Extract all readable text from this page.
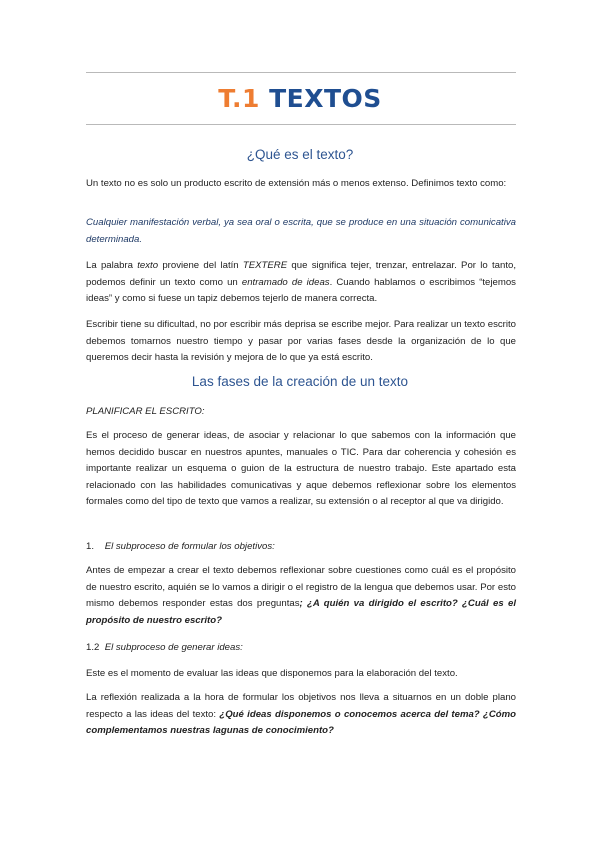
T.1 TEXTOS
¿Qué es el texto?
Un texto no es solo un producto escrito de extensión más o menos extenso. Definimos texto como:
Cualquier manifestación verbal, ya sea oral o escrita, que se produce en una situación comunicativa determinada.
La palabra texto proviene del latín TEXTERE que significa tejer, trenzar, entrelazar. Por lo tanto, podemos definir un texto como un entramado de ideas. Cuando hablamos o escribimos “tejemos ideas” y como si fuese un tapiz debemos tejerlo de manera correcta.
Escribir tiene su dificultad, no por escribir más deprisa se escribe mejor. Para realizar un texto escrito debemos tomarnos nuestro tiempo y pasar por varias fases desde la organización de lo que queremos decir hasta la revisión y mejora de lo que ya está escrito.
Las fases de la creación de un texto
PLANIFICAR EL ESCRITO:
Es el proceso de generar ideas, de asociar y relacionar lo que sabemos con la información que hemos decidido buscar en nuestros apuntes, manuales o TIC. Para dar coherencia y cohesión es importante realizar un esquema o guion de la estructura de nuestro trabajo. Este apartado esta relacionado con las habilidades comunicativas y aque debemos reflexionar sobre los elementos formales como del tipo de texto que vamos a realizar, su extensión o al receptor al que va dirigido.
1. El subproceso de formular los objetivos:
Antes de empezar a crear el texto debemos reflexionar sobre cuestiones como cuál es el propósito de nuestro escrito, aquién se lo vamos a dirigir o el registro de la lengua que debemos usar. Por esto mismo debemos responder estas dos preguntas; ¿A quién va dirigido el escrito? ¿Cuál es el propósito de nuestro escrito?
1.2 El subproceso de generar ideas:
Este es el momento de evaluar las ideas que disponemos para la elaboración del texto.
La reflexión realizada a la hora de formular los objetivos nos lleva a situarnos en un doble plano respecto a las ideas del texto: ¿Qué ideas disponemos o conocemos acerca del tema? ¿Cómo complementamos nuestras lagunas de conocimiento?
